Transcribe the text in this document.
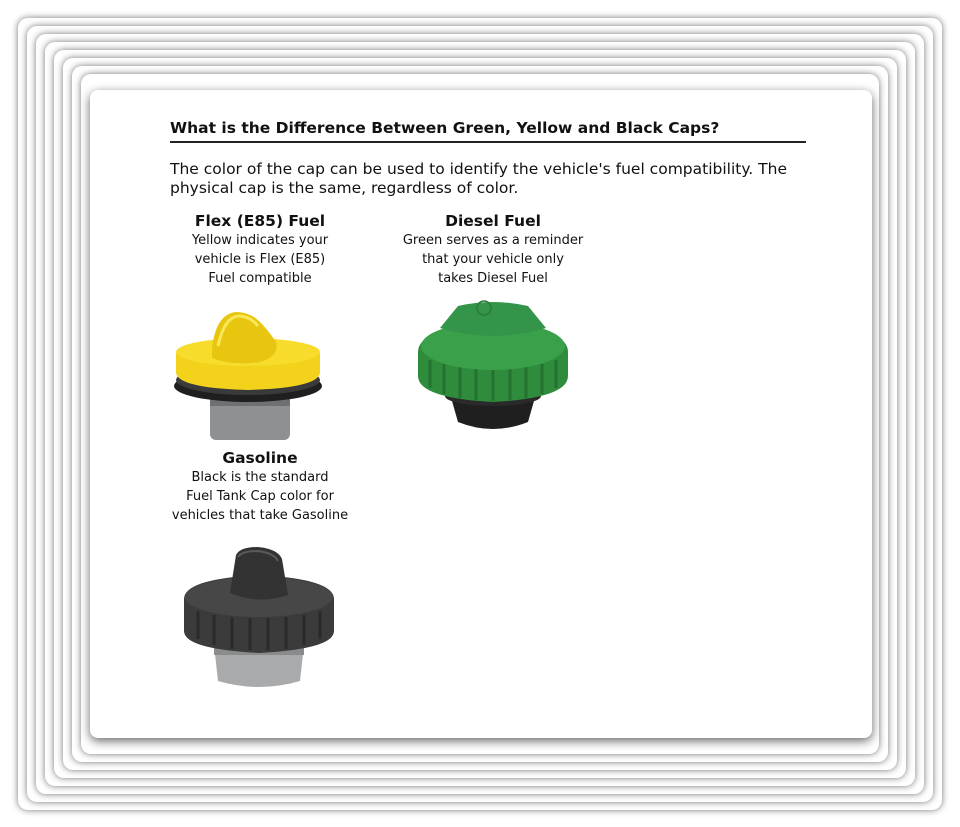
What is the Difference Between Green, Yellow and Black Caps?
The color of the cap can be used to identify the vehicle's fuel compatibility. The physical cap is the same, regardless of color.
Flex (E85) Fuel
Yellow indicates your
vehicle is Flex (E85)
Fuel compatible
Diesel Fuel
Green serves as a reminder
that your vehicle only
takes Diesel Fuel
Gasoline
Black is the standard
Fuel Tank Cap color for
vehicles that take Gasoline
